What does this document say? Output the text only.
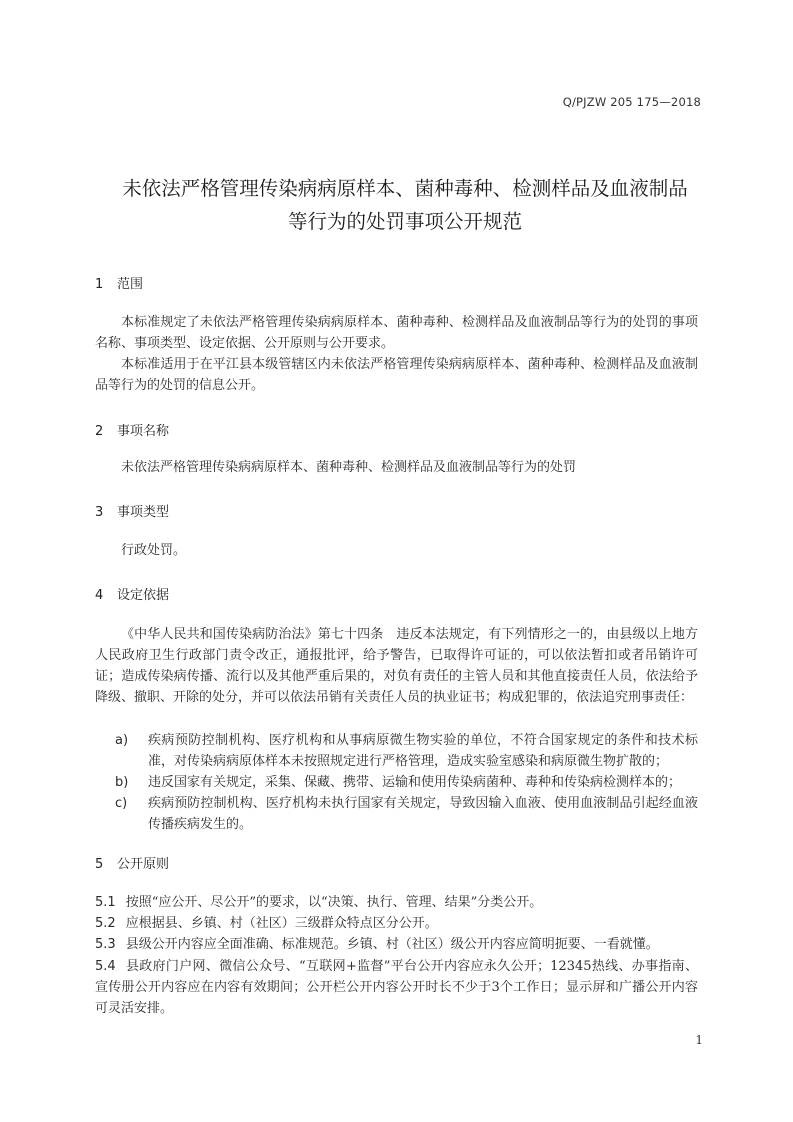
Q/PJZW 205 175—2018
未依法严格管理传染病病原样本、菌种毒种、检测样品及血液制品
等行为的处罚事项公开规范
1 范围
本标准规定了未依法严格管理传染病病原样本、菌种毒种、检测样品及血液制品等行为的处罚的事项名称、事项类型、设定依据、公开原则与公开要求。
本标准适用于在平江县本级管辖区内未依法严格管理传染病病原样本、菌种毒种、检测样品及血液制品等行为的处罚的信息公开。
2 事项名称
未依法严格管理传染病病原样本、菌种毒种、检测样品及血液制品等行为的处罚
3 事项类型
行政处罚。
4 设定依据
《中华人民共和国传染病防治法》第七十四条　违反本法规定，有下列情形之一的，由县级以上地方人民政府卫生行政部门责令改正，通报批评，给予警告，已取得许可证的，可以依法暂扣或者吊销许可证；造成传染病传播、流行以及其他严重后果的，对负有责任的主管人员和其他直接责任人员，依法给予降级、撤职、开除的处分，并可以依法吊销有关责任人员的执业证书；构成犯罪的，依法追究刑事责任：
a) 疾病预防控制机构、医疗机构和从事病原微生物实验的单位，不符合国家规定的条件和技术标准，对传染病病原体样本未按照规定进行严格管理，造成实验室感染和病原微生物扩散的；
b) 违反国家有关规定，采集、保藏、携带、运输和使用传染病菌种、毒种和传染病检测样本的；
c) 疾病预防控制机构、医疗机构未执行国家有关规定，导致因输入血液、使用血液制品引起经血液传播疾病发生的。
5 公开原则
5.1 按照“应公开、尽公开”的要求，以“决策、执行、管理、结果”分类公开。
5.2 应根据县、乡镇、村（社区）三级群众特点区分公开。
5.3 县级公开内容应全面准确、标准规范。乡镇、村（社区）级公开内容应简明扼要、一看就懂。
5.4 县政府门户网、微信公众号、“互联网+监督”平台公开内容应永久公开；12345热线、办事指南、宣传册公开内容应在内容有效期间；公开栏公开内容公开时长不少于3个工作日；显示屏和广播公开内容可灵活安排。
1
